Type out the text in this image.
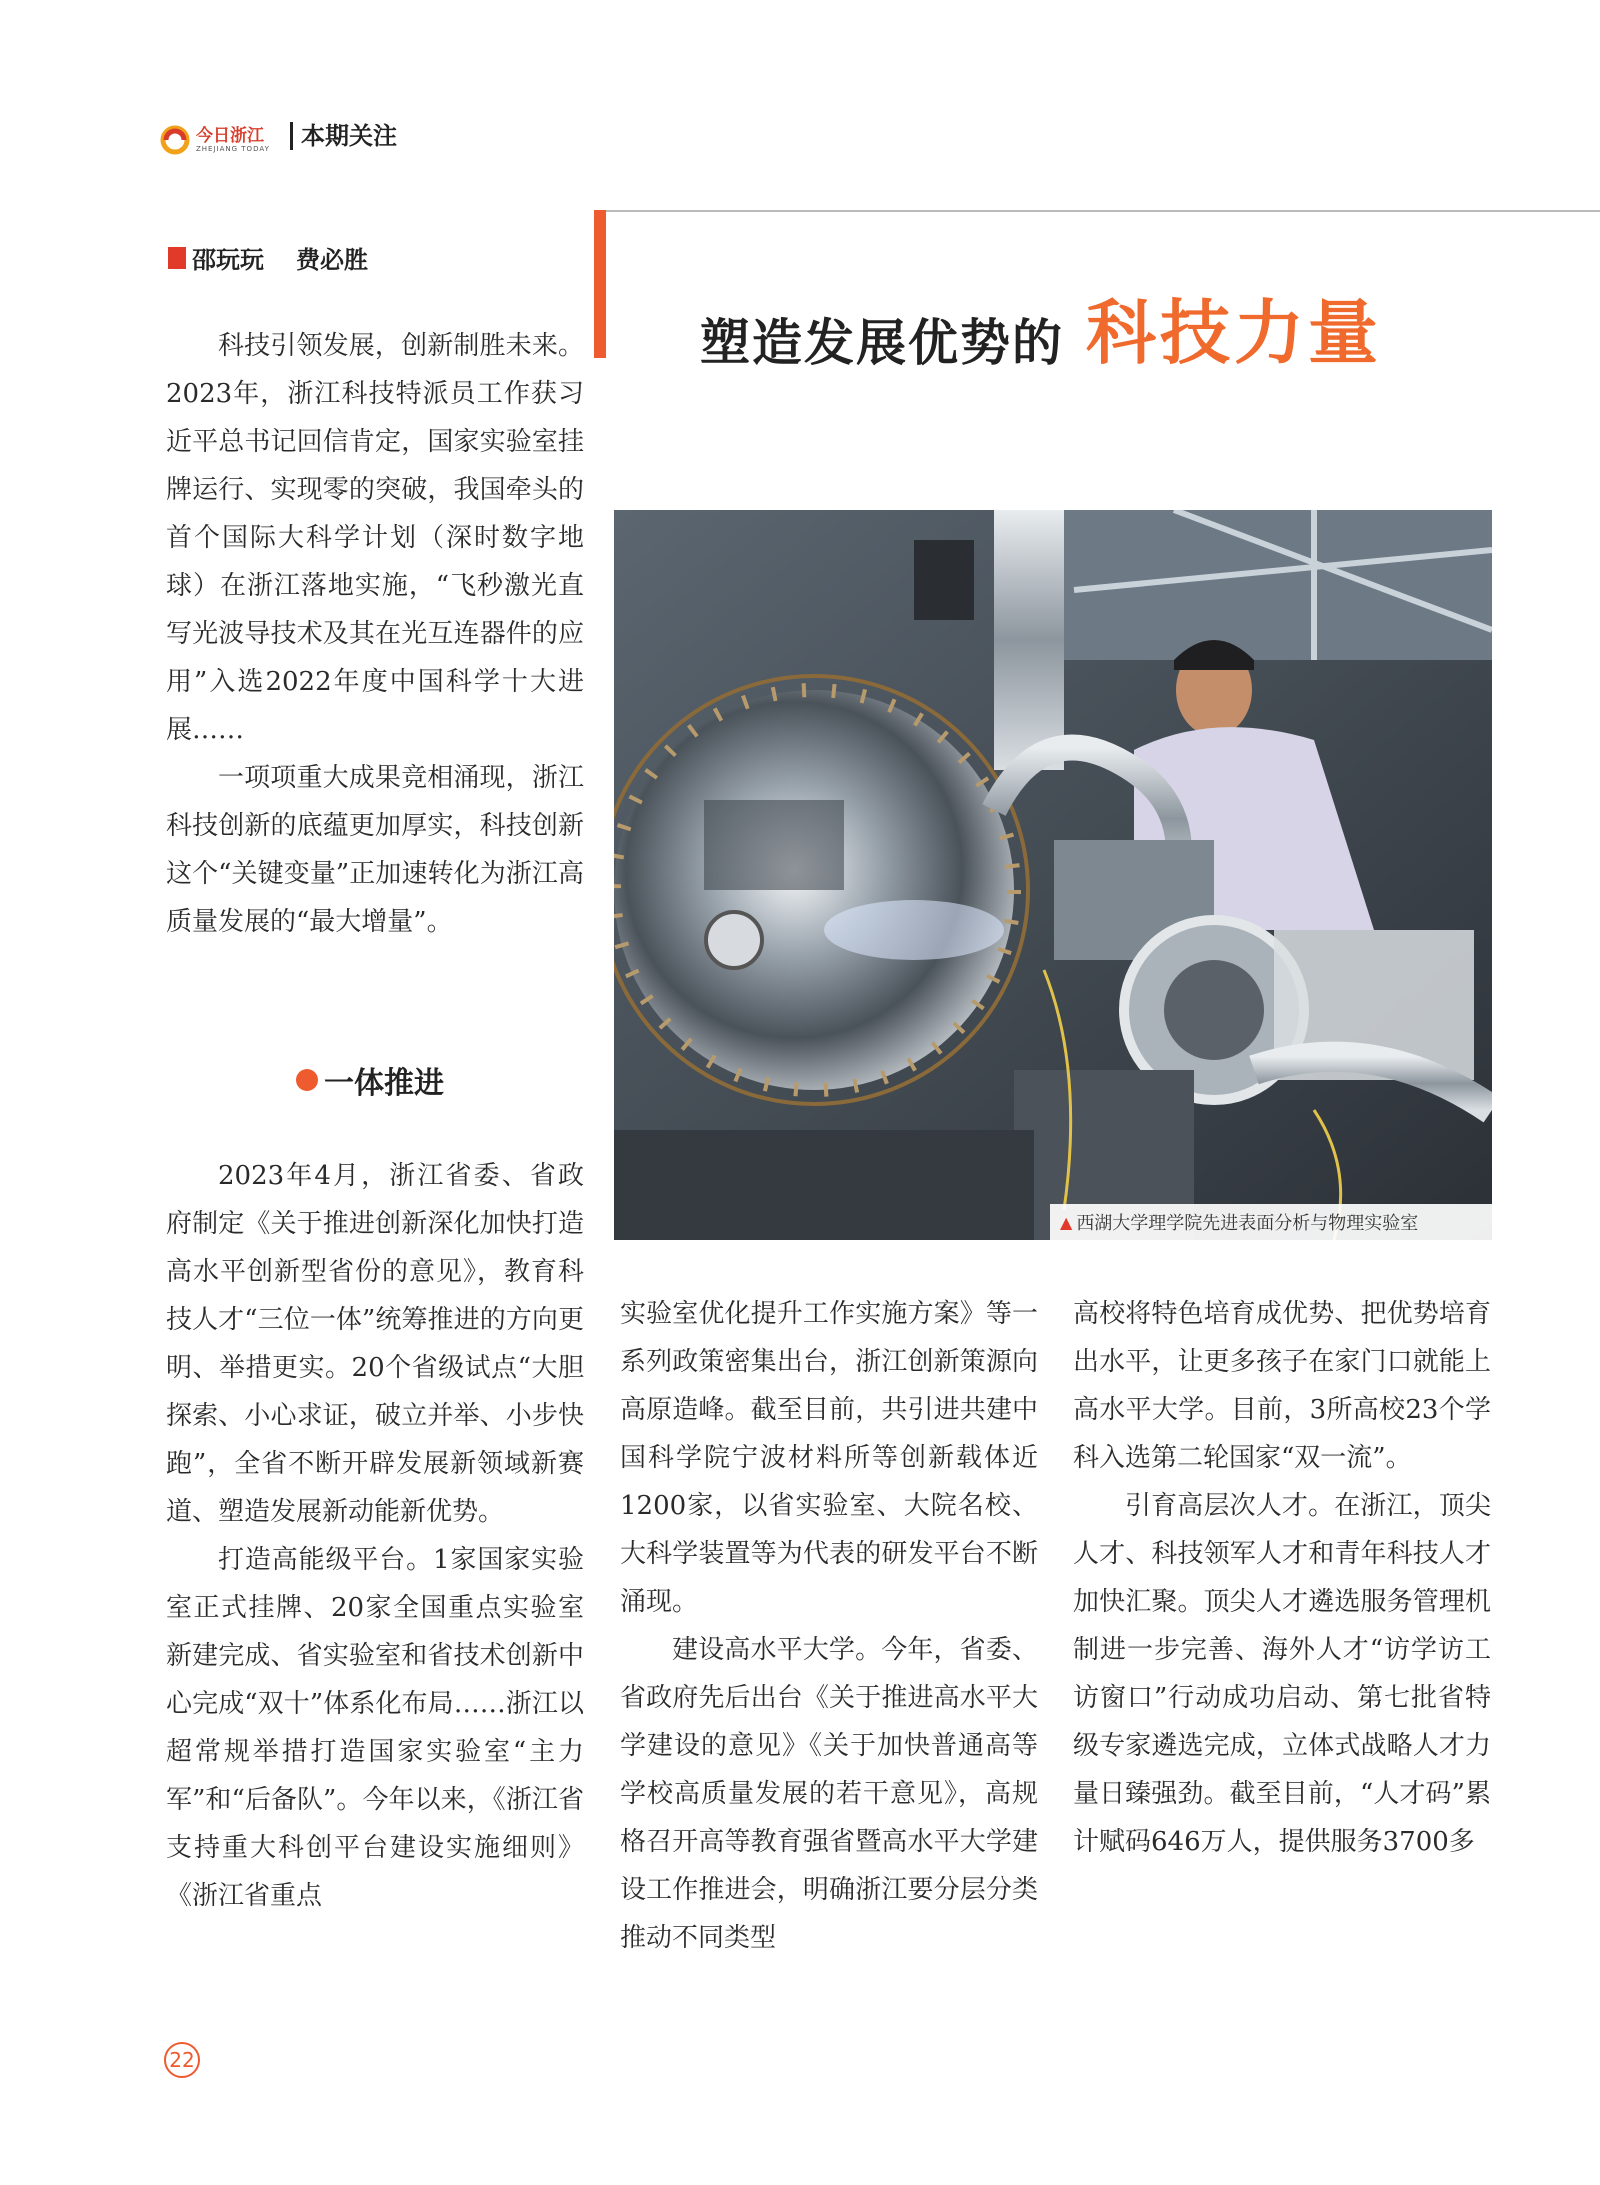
今日浙江
ZHEJIANG TODAY	本期关注
邵玩玩 费必胜
塑造发展优势的 科技力量

科技引领发展，创新制胜未来。2023年，浙江科技特派员工作获习近平总书记回信肯定，国家实验室挂牌运行、实现零的突破，我国牵头的首个国际大科学计划（深时数字地球）在浙江落地实施，“飞秒激光直写光波导技术及其在光互连器件的应用”入选2022年度中国科学十大进展……

一项项重大成果竞相涌现，浙江科技创新的底蕴更加厚实，科技创新这个“关键变量”正加速转化为浙江高质量发展的“最大增量”。

一体推进

2023年4月，浙江省委、省政府制定《关于推进创新深化加快打造高水平创新型省份的意见》，教育科技人才“三位一体”统筹推进的方向更明、举措更实。20个省级试点“大胆探索、小心求证，破立并举、小步快跑”，全省不断开辟发展新领域新赛道、塑造发展新动能新优势。

打造高能级平台。1家国家实验室正式挂牌、20家全国重点实验室新建完成、省实验室和省技术创新中心完成“双十”体系化布局……浙江以超常规举措打造国家实验室“主力军”和“后备队”。今年以来，《浙江省支持重大科创平台建设实施细则》《浙江省重点

▲ 西湖大学理学院先进表面分析与物理实验室

实验室优化提升工作实施方案》等一系列政策密集出台，浙江创新策源向高原造峰。截至目前，共引进共建中国科学院宁波材料所等创新载体近1200家，以省实验室、大院名校、大科学装置等为代表的研发平台不断涌现。

建设高水平大学。今年，省委、省政府先后出台《关于推进高水平大学建设的意见》《关于加快普通高等学校高质量发展的若干意见》，高规格召开高等教育强省暨高水平大学建设工作推进会，明确浙江要分层分类推动不同类型

高校将特色培育成优势、把优势培育出水平，让更多孩子在家门口就能上高水平大学。目前，3所高校23个学科入选第二轮国家“双一流”。

引育高层次人才。在浙江，顶尖人才、科技领军人才和青年科技人才加快汇聚。顶尖人才遴选服务管理机制进一步完善、海外人才“访学访工访窗口”行动成功启动、第七批省特级专家遴选完成，立体式战略人才力量日臻强劲。截至目前，“人才码”累计赋码646万人，提供服务3700多

22
